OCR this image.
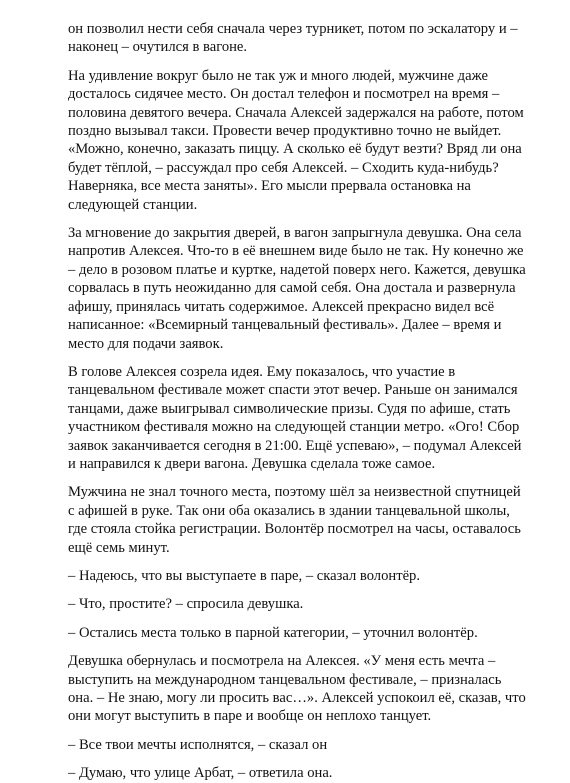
он позволил нести себя сначала через турникет, потом по эскалатору и – наконец – очутился в вагоне.

На удивление вокруг было не так уж и много людей, мужчине даже досталось сидячее место. Он достал телефон и посмотрел на время – половина девятого вечера. Сначала Алексей задержался на работе, потом поздно вызывал такси. Провести вечер продуктивно точно не выйдет. «Можно, конечно, заказать пиццу. А сколько её будут везти? Вряд ли она будет тёплой, – рассуждал про себя Алексей. – Сходить куда-нибудь? Наверняка, все места заняты». Его мысли прервала остановка на следующей станции.

За мгновение до закрытия дверей, в вагон запрыгнула девушка. Она села напротив Алексея. Что-то в её внешнем виде было не так. Ну конечно же – дело в розовом платье и куртке, надетой поверх него. Кажется, девушка сорвалась в путь неожиданно для самой себя. Она достала и развернула афишу, принялась читать содержимое. Алексей прекрасно видел всё написанное: «Всемирный танцевальный фестиваль». Далее – время и место для подачи заявок.

В голове Алексея созрела идея. Ему показалось, что участие в танцевальном фестивале может спасти этот вечер. Раньше он занимался танцами, даже выигрывал символические призы. Судя по афише, стать участником фестиваля можно на следующей станции метро. «Ого! Сбор заявок заканчивается сегодня в 21:00. Ещё успеваю», – подумал Алексей и направился к двери вагона. Девушка сделала тоже самое.

Мужчина не знал точного места, поэтому шёл за неизвестной спутницей с афишей в руке. Так они оба оказались в здании танцевальной школы, где стояла стойка регистрации. Волонтёр посмотрел на часы, оставалось ещё семь минут.

– Надеюсь, что вы выступаете в паре, – сказал волонтёр.

– Что, простите? – спросила девушка.

– Остались места только в парной категории, – уточнил волонтёр.

Девушка обернулась и посмотрела на Алексея. «У меня есть мечта – выступить на международном танцевальном фестивале, – призналась она. – Не знаю, могу ли просить вас…». Алексей успокоил её, сказав, что они могут выступить в паре и вообще он неплохо танцует.

– Все твои мечты исполнятся, – сказал он

– Думаю, что улице Арбат, – ответила она.
